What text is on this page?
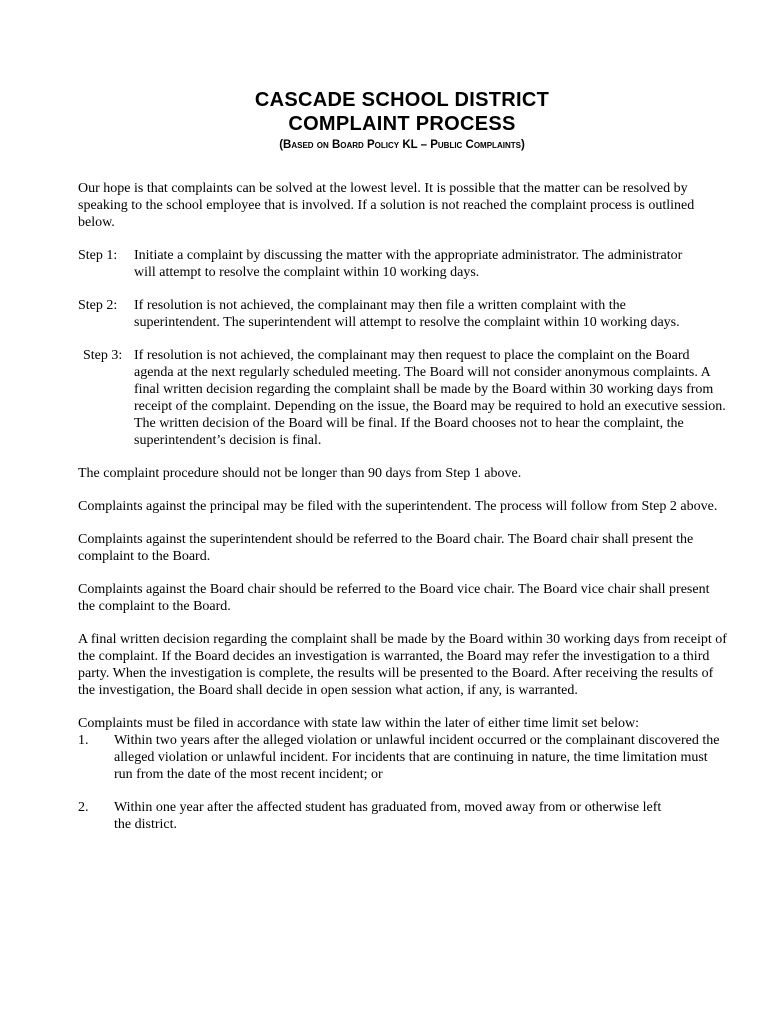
CASCADE SCHOOL DISTRICT
COMPLAINT PROCESS
(Based on Board Policy KL – Public Complaints)

Our hope is that complaints can be solved at the lowest level. It is possible that the matter can be resolved by speaking to the school employee that is involved. If a solution is not reached the complaint process is outlined below.

Step 1:	Initiate a complaint by discussing the matter with the appropriate administrator. The administrator will attempt to resolve the complaint within 10 working days.
Step 2:	If resolution is not achieved, the complainant may then file a written complaint with the superintendent. The superintendent will attempt to resolve the complaint within 10 working days.
Step 3: If resolution is not achieved, the complainant may then request to place the complaint on the Board agenda at the next regularly scheduled meeting. The Board will not consider anonymous complaints. A final written decision regarding the complaint shall be made by the Board within 30 working days from receipt of the complaint. Depending on the issue, the Board may be required to hold an executive session. The written decision of the Board will be final. If the Board chooses not to hear the complaint, the superintendent’s decision is final.

The complaint procedure should not be longer than 90 days from Step 1 above.

Complaints against the principal may be filed with the superintendent. The process will follow from Step 2 above.

Complaints against the superintendent should be referred to the Board chair. The Board chair shall present the complaint to the Board.

Complaints against the Board chair should be referred to the Board vice chair. The Board vice chair shall present the complaint to the Board.

A final written decision regarding the complaint shall be made by the Board within 30 working days from receipt of the complaint. If the Board decides an investigation is warranted, the Board may refer the investigation to a third party. When the investigation is complete, the results will be presented to the Board. After receiving the results of the investigation, the Board shall decide in open session what action, if any, is warranted.

Complaints must be filed in accordance with state law within the later of either time limit set below:

1.	Within two years after the alleged violation or unlawful incident occurred or the complainant discovered the alleged violation or unlawful incident. For incidents that are continuing in nature, the time limitation must run from the date of the most recent incident; or
2.	Within one year after the affected student has graduated from, moved away from or otherwise left the district.
